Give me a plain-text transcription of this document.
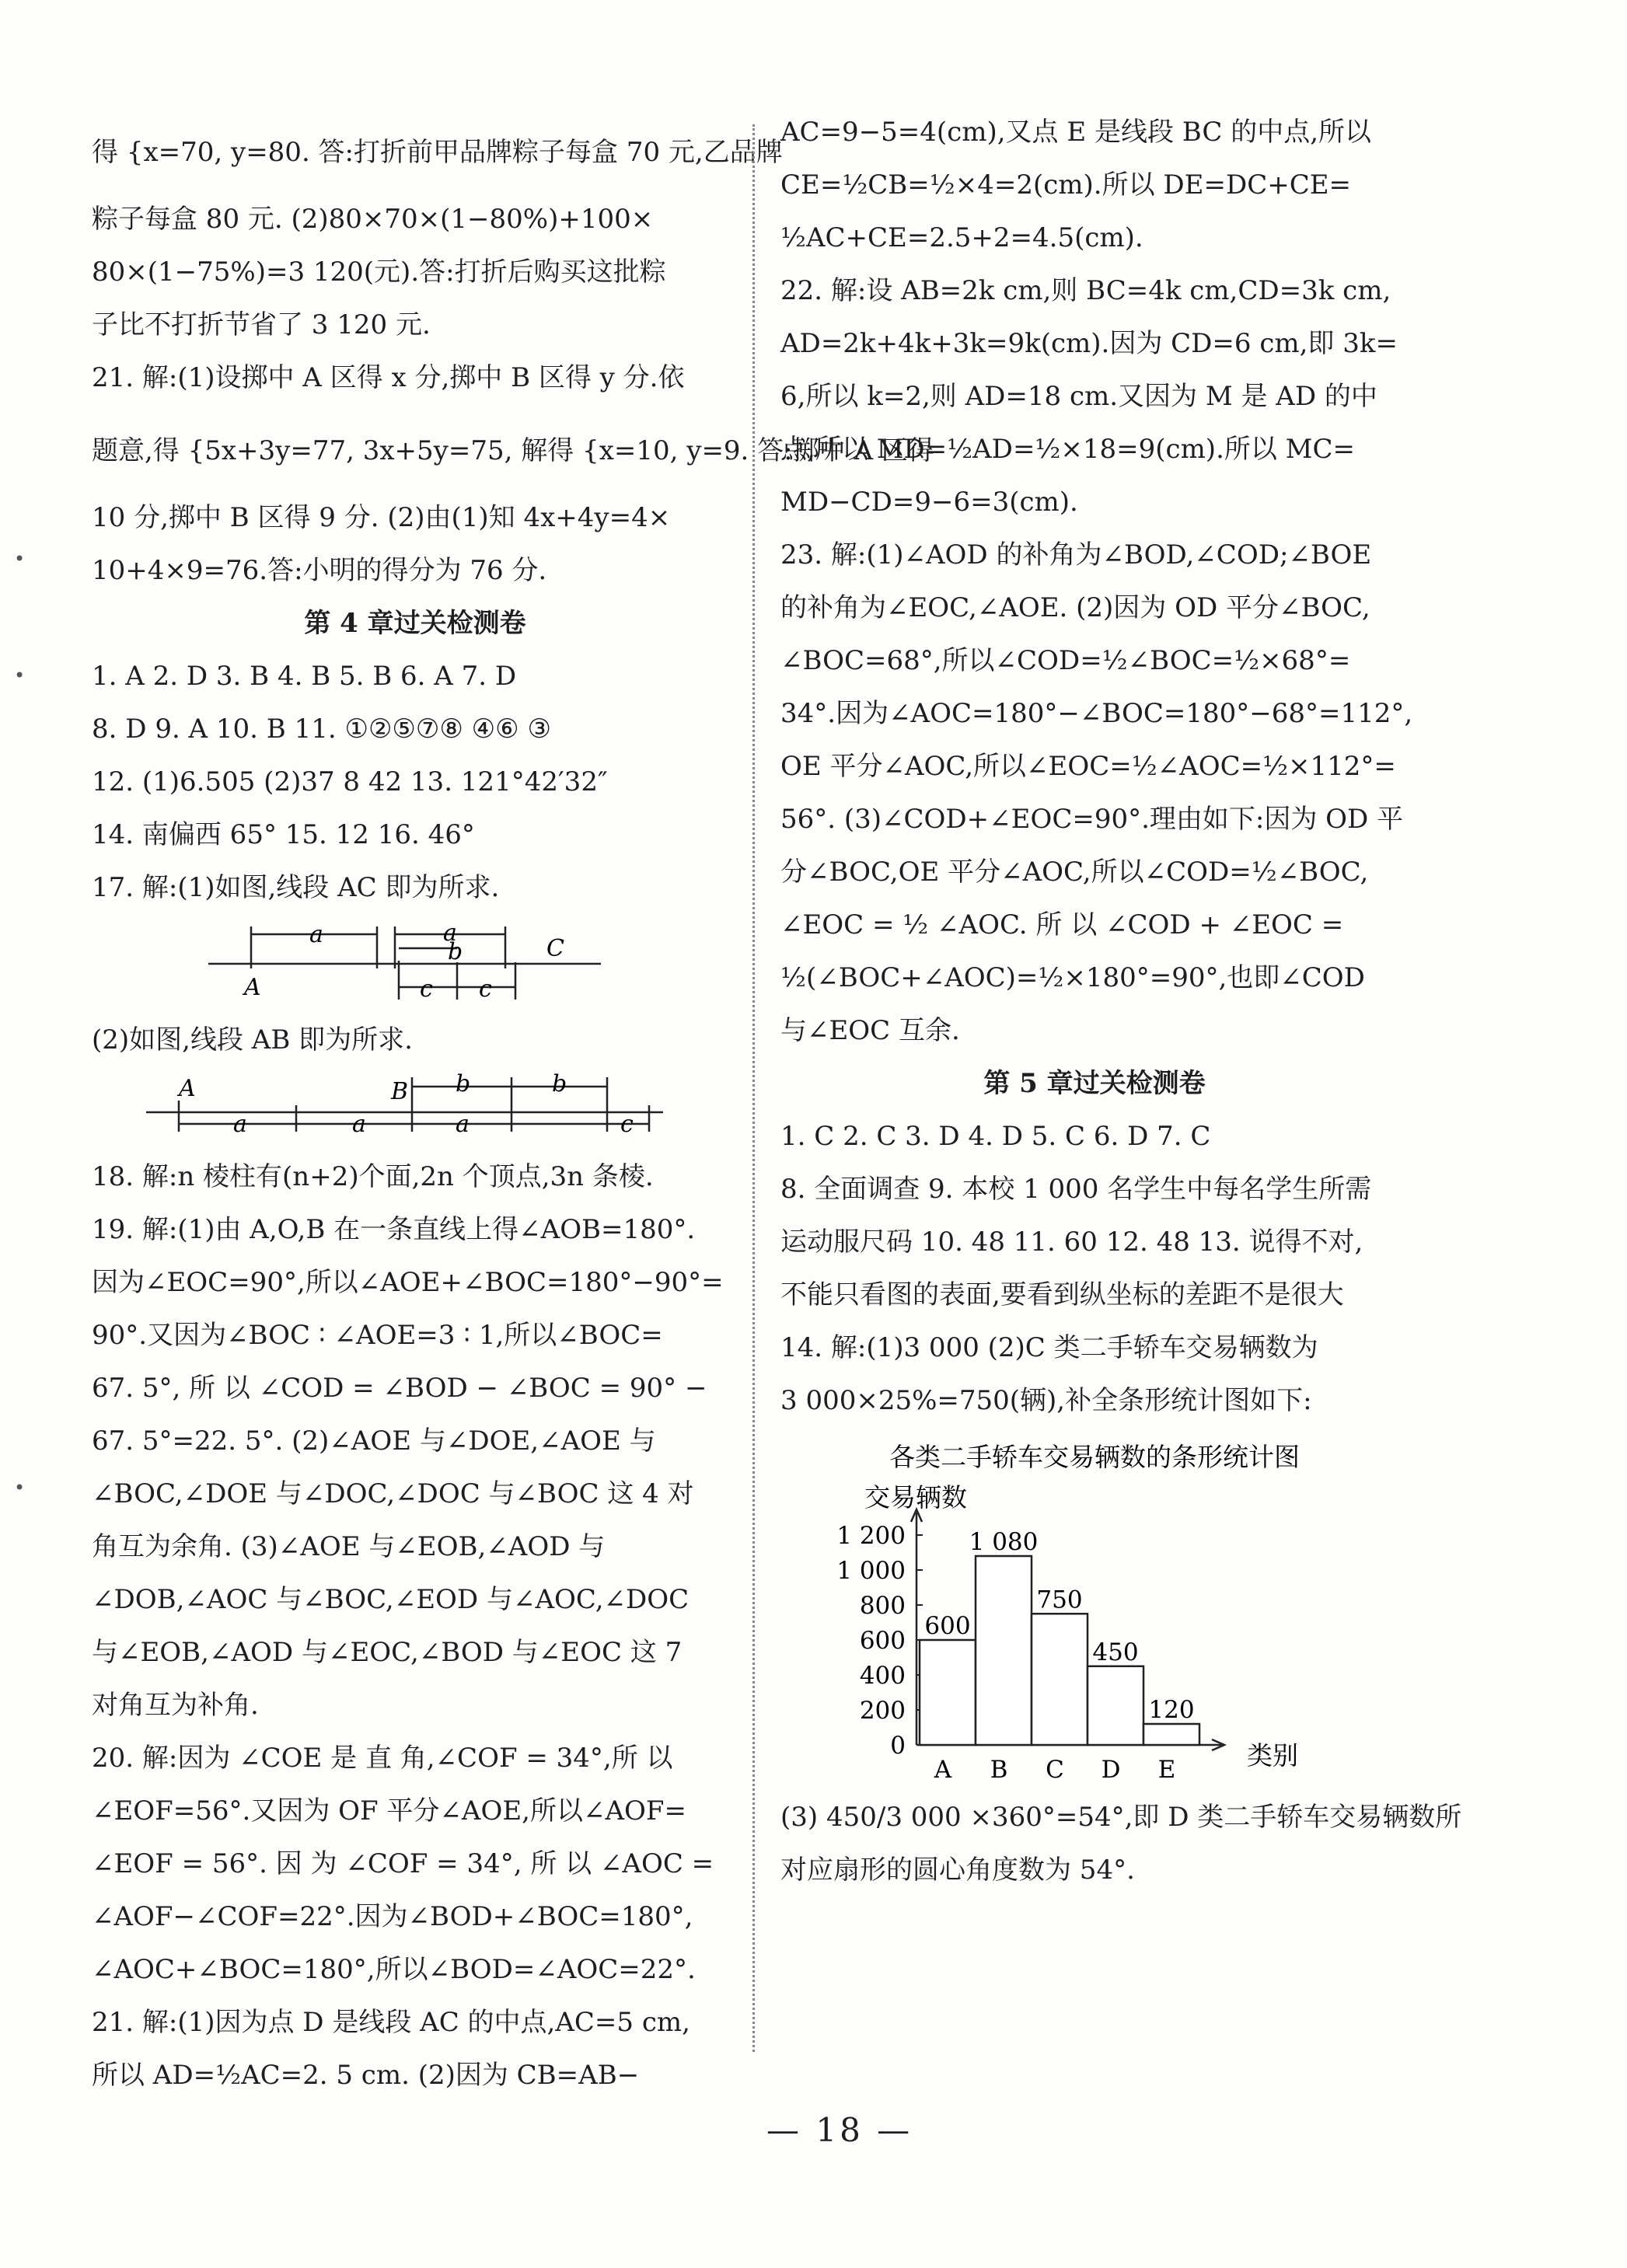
得 {x=70, y=80. 答:打折前甲品牌粽子每盒 70 元,乙品牌
粽子每盒 80 元. (2)80×70×(1−80%)+100×
80×(1−75%)=3 120(元).答:打折后购买这批粽
子比不打折节省了 3 120 元.
21. 解:(1)设掷中 A 区得 x 分,掷中 B 区得 y 分.依
题意,得 {5x+3y=77, 3x+5y=75, 解得 {x=10, y=9. 答:掷中 A 区得
10 分,掷中 B 区得 9 分. (2)由(1)知 4x+4y=4×
10+4×9=76.答:小明的得分为 76 分.
第 4 章过关检测卷
1. A 2. D 3. B 4. B 5. B 6. A 7. D
8. D 9. A 10. B 11. ①②⑤⑦⑧ ④⑥ ③
12. (1)6.505 (2)37 8 42 13. 121°42′32″
14. 南偏西 65° 15. 12 16. 46°
17. 解:(1)如图,线段 AC 即为所求.
a	a
b	C
A	c c
(2)如图,线段 AB 即为所求.
A	B b	b
a	a	a	c
18. 解:n 棱柱有(n+2)个面,2n 个顶点,3n 条棱.
19. 解:(1)由 A,O,B 在一条直线上得∠AOB=180°.
因为∠EOC=90°,所以∠AOE+∠BOC=180°−90°=
90°.又因为∠BOC ∶ ∠AOE=3 ∶ 1,所以∠BOC=
67. 5°, 所 以 ∠COD = ∠BOD − ∠BOC = 90° −
67. 5°=22. 5°. (2)∠AOE 与∠DOE,∠AOE 与
∠BOC,∠DOE 与∠DOC,∠DOC 与∠BOC 这 4 对
角互为余角. (3)∠AOE 与∠EOB,∠AOD 与
∠DOB,∠AOC 与∠BOC,∠EOD 与∠AOC,∠DOC
与∠EOB,∠AOD 与∠EOC,∠BOD 与∠EOC 这 7
对角互为补角.
20. 解:因为 ∠COE 是 直 角,∠COF = 34°,所 以
∠EOF=56°.又因为 OF 平分∠AOE,所以∠AOF=
∠EOF = 56°. 因 为 ∠COF = 34°, 所 以 ∠AOC =
∠AOF−∠COF=22°.因为∠BOD+∠BOC=180°,
∠AOC+∠BOC=180°,所以∠BOD=∠AOC=22°.
21. 解:(1)因为点 D 是线段 AC 的中点,AC=5 cm,
所以 AD=½AC=2. 5 cm. (2)因为 CB=AB−
AC=9−5=4(cm),又点 E 是线段 BC 的中点,所以
CE=½CB=½×4=2(cm).所以 DE=DC+CE=
½AC+CE=2.5+2=4.5(cm).
22. 解:设 AB=2k cm,则 BC=4k cm,CD=3k cm,
AD=2k+4k+3k=9k(cm).因为 CD=6 cm,即 3k=
6,所以 k=2,则 AD=18 cm.又因为 M 是 AD 的中
点,所以 MD=½AD=½×18=9(cm).所以 MC=
MD−CD=9−6=3(cm).
23. 解:(1)∠AOD 的补角为∠BOD,∠COD;∠BOE
的补角为∠EOC,∠AOE. (2)因为 OD 平分∠BOC,
∠BOC=68°,所以∠COD=½∠BOC=½×68°=
34°.因为∠AOC=180°−∠BOC=180°−68°=112°,
OE 平分∠AOC,所以∠EOC=½∠AOC=½×112°=
56°. (3)∠COD+∠EOC=90°.理由如下:因为 OD 平
分∠BOC,OE 平分∠AOC,所以∠COD=½∠BOC,
∠EOC = ½ ∠AOC. 所 以 ∠COD + ∠EOC =
½(∠BOC+∠AOC)=½×180°=90°,也即∠COD
与∠EOC 互余.
第 5 章过关检测卷
1. C 2. C 3. D 4. D 5. C 6. D 7. C
8. 全面调查 9. 本校 1 000 名学生中每名学生所需
运动服尺码 10. 48 11. 60 12. 48 13. 说得不对,
不能只看图的表面,要看到纵坐标的差距不是很大
14. 解:(1)3 000 (2)C 类二手轿车交易辆数为
3 000×25%=750(辆),补全条形统计图如下:
各类二手轿车交易辆数的条形统计图
交易辆数
类别
0
200
400
600
800
1 000
1 200
600
A
1 080
B
750
C
450
D
120
E
(3) 450/3 000 ×360°=54°,即 D 类二手轿车交易辆数所
对应扇形的圆心角度数为 54°.
•
•
•
— 18 —
